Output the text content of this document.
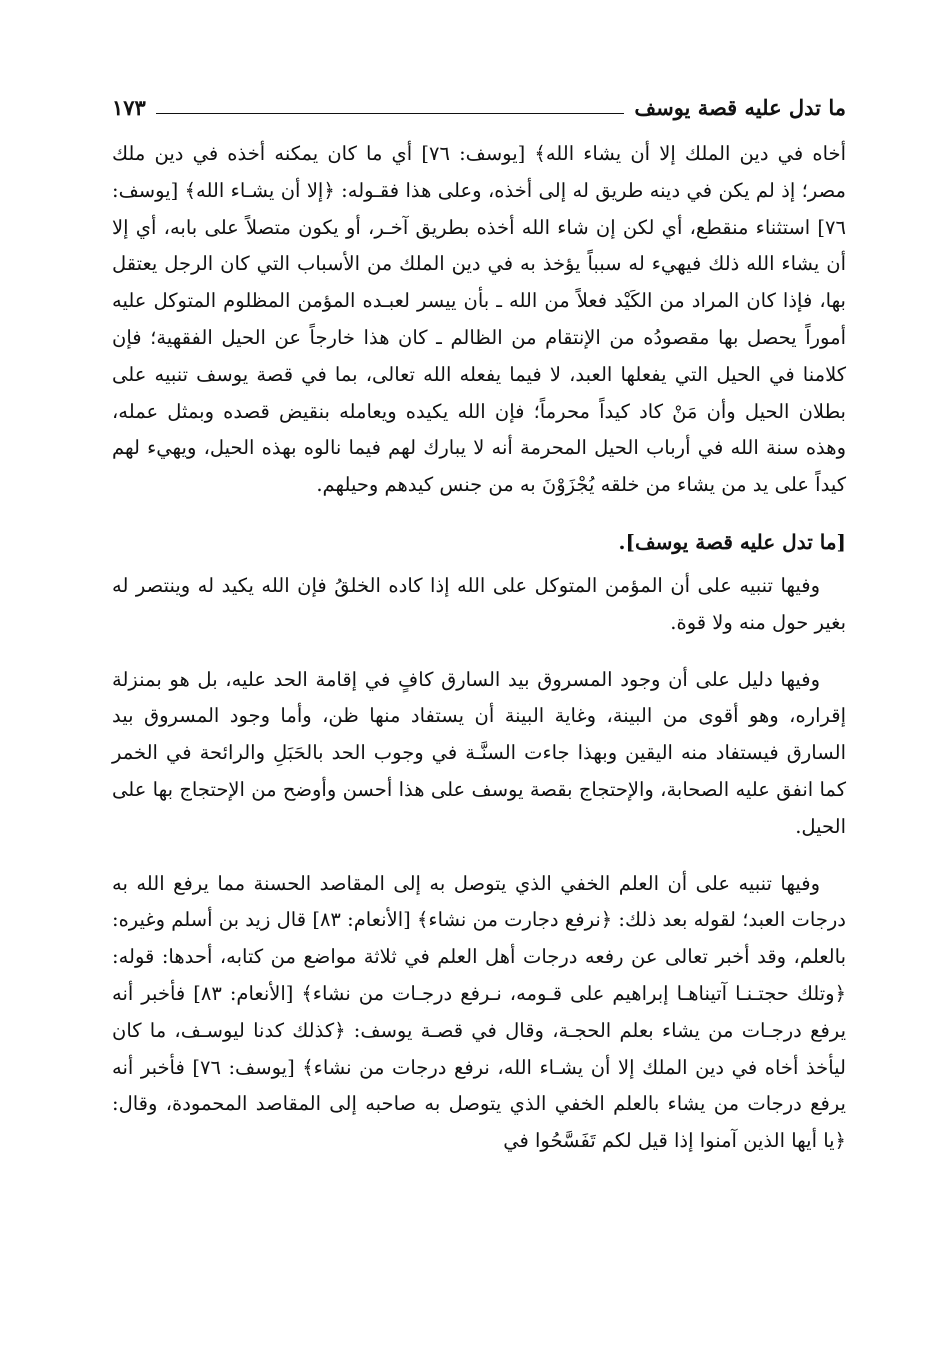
ما تدل عليه قصة يوسف
١٧٣

أخاه في دين الملك إلا أن يشاء الله﴾ [يوسف: ٧٦] أي ما كان يمكنه أخذه في دين ملك مصر؛ إذ لم يكن في دينه طريق له إلى أخذه، وعلى هذا فقـوله: ﴿إلا أن يشـاء الله﴾ [يوسف: ٧٦] استثناء منقطع، أي لكن إن شاء الله أخذه بطريق آخـر، أو يكون متصلاً على بابه، أي إلا أن يشاء الله ذلك فيهيء له سبباً يؤخذ به في دين الملك من الأسباب التي كان الرجل يعتقل بها، فإذا كان المراد من الكَيْد فعلاً من الله ـ بأن ييسر لعبـده المؤمن المظلوم المتوكل عليه أموراً يحصل بها مقصودُه من الإنتقام من الظالم ـ كان هذا خارجاً عن الحيل الفقهية؛ فإن كلامنا في الحيل التي يفعلها العبد، لا فيما يفعله الله تعالى، بما في قصة يوسف تنبيه على بطلان الحيل وأن مَنْ كاد كيداً محرماً؛ فإن الله يكيده ويعامله بنقيض قصده وبمثل عمله، وهذه سنة الله في أرباب الحيل المحرمة أنه لا يبارك لهم فيما نالوه بهذه الحيل، ويهيء لهم كيداً على يد من يشاء من خلقه يُجْزَوْنَ به من جنس كيدهم وحيلهم.

[ما تدل عليه قصة يوسف].

وفيها تنبيه على أن المؤمن المتوكل على الله إذا كاده الخلقُ فإن الله يكيد له وينتصر له بغير حول منه ولا قوة.

وفيها دليل على أن وجود المسروق بيد السارق كافٍ في إقامة الحد عليه، بل هو بمنزلة إقراره، وهو أقوى من البينة، وغاية البينة أن يستفاد منها ظن، وأما وجود المسروق بيد السارق فيستفاد منه اليقين وبهذا جاءت السنَّـة في وجوب الحد بالحَبَلِ والرائحة في الخمر كما انفق عليه الصحابة، والإحتجاج بقصة يوسف على هذا أحسن وأوضح من الإحتجاج بها على الحيل.

وفيها تنبيه على أن العلم الخفي الذي يتوصل به إلى المقاصد الحسنة مما يرفع الله به درجات العبد؛ لقوله بعد ذلك: ﴿نرفع دجارت من نشاء﴾ [الأنعام: ٨٣] قال زيد بن أسلم وغيره: بالعلم، وقد أخبر تعالى عن رفعه درجات أهل العلم في ثلاثة مواضع من كتابه، أحدها: قوله: ﴿وتلك حجتـنـا آتيناهـا إبراهيم على قـومه، نـرفع درجـات من نشاء﴾ [الأنعام: ٨٣] فأخبر أنه يرفع درجـات من يشاء بعلم الحجـة، وقال في قصـة يوسف: ﴿كذلك كدنا ليوسـف، ما كان ليأخذ أخاه في دين الملك إلا أن يشـاء الله، نرفع درجات من نشاء﴾ [يوسف: ٧٦] فأخبر أنه يرفع درجات من يشاء بالعلم الخفي الذي يتوصل به صاحبه إلى المقاصد المحمودة، وقال: ﴿يا أيها الذين آمنوا إذا قيل لكم تَفَسَّحُوا في
